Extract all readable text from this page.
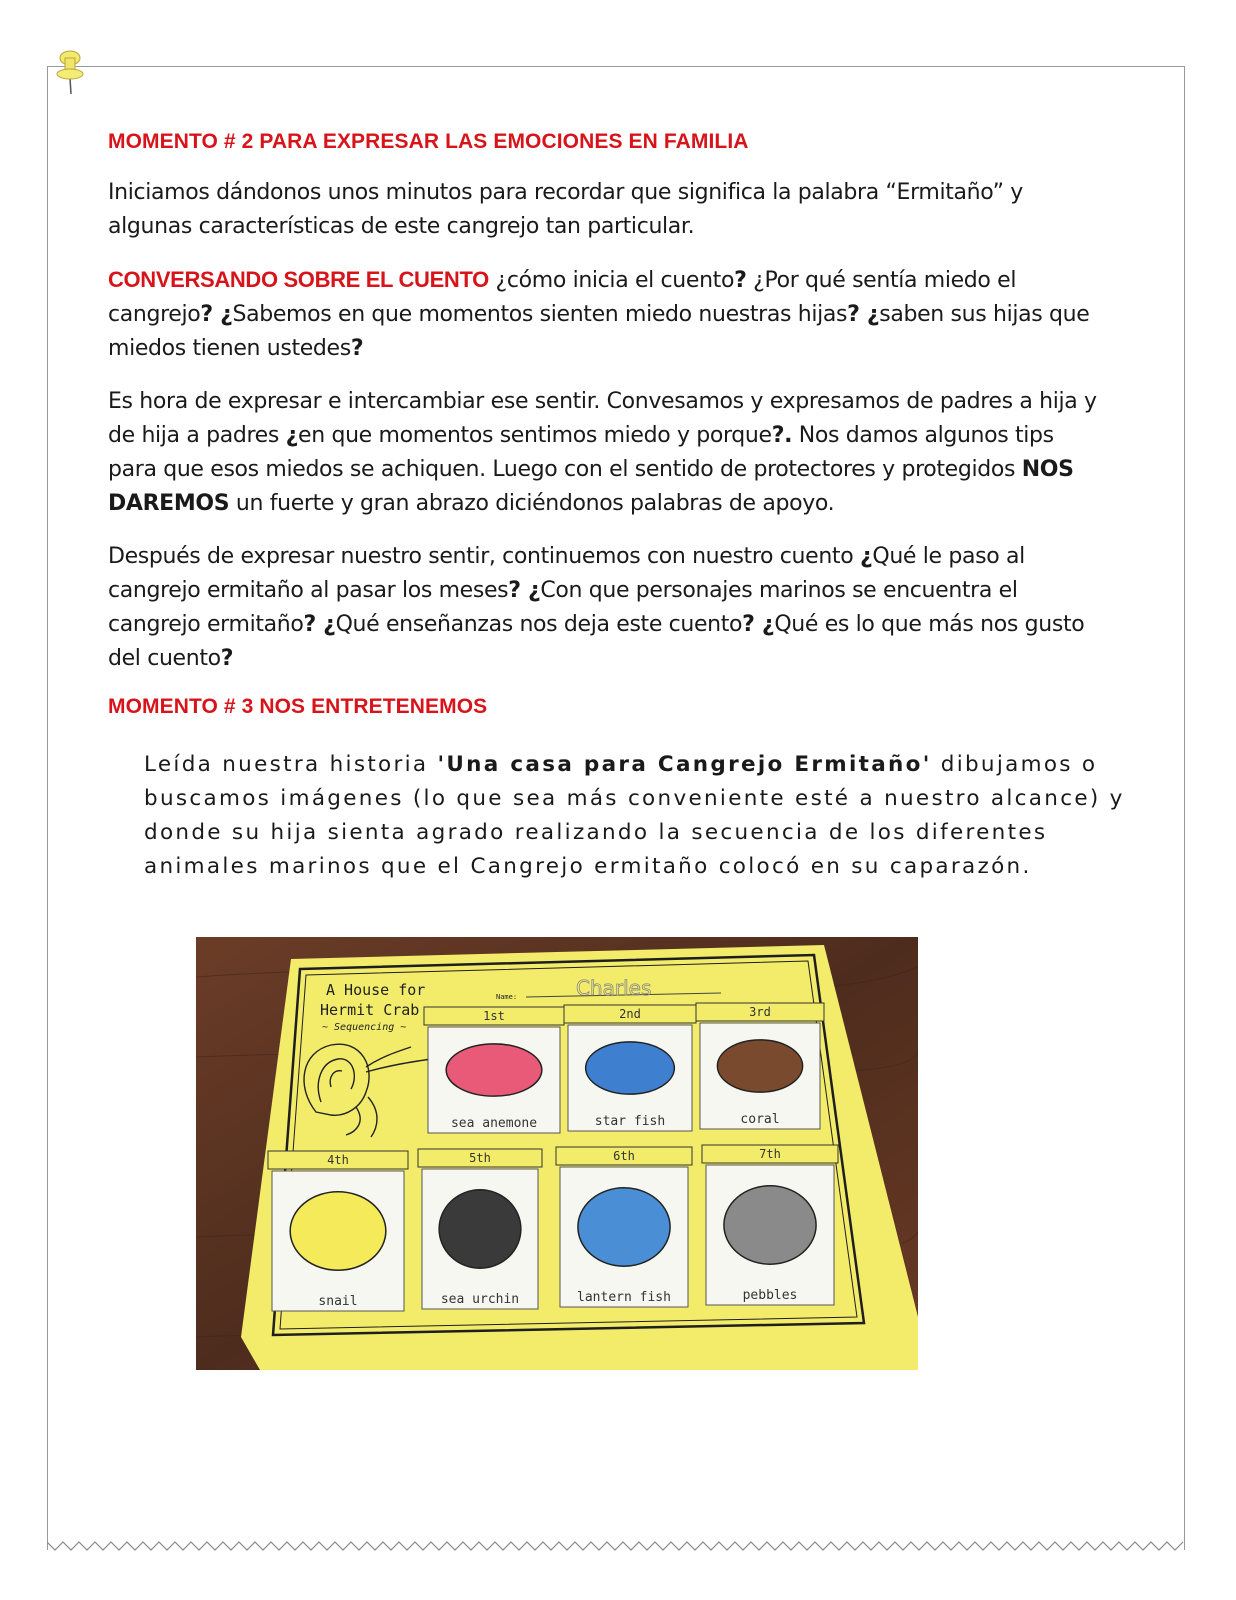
MOMENTO # 2 PARA EXPRESAR LAS EMOCIONES EN FAMILIA

Iniciamos dándonos unos minutos para recordar que significa la palabra “Ermitaño” y algunas características de este cangrejo tan particular.

CONVERSANDO SOBRE EL CUENTO ¿cómo inicia el cuento? ¿Por qué sentía miedo el cangrejo? ¿Sabemos en que momentos sienten miedo nuestras hijas? ¿saben sus hijas que miedos tienen ustedes?

Es hora de expresar e intercambiar ese sentir. Convesamos y expresamos de padres a hija y de hija a padres ¿en que momentos sentimos miedo y porque?. Nos damos algunos tips para que esos miedos se achiquen. Luego con el sentido de protectores y protegidos NOS DAREMOS un fuerte y gran abrazo diciéndonos palabras de apoyo.

Después de expresar nuestro sentir, continuemos con nuestro cuento ¿Qué le paso al cangrejo ermitaño al pasar los meses? ¿Con que personajes marinos se encuentra el cangrejo ermitaño? ¿Qué enseñanzas nos deja este cuento? ¿Qué es lo que más nos gusto del cuento?

MOMENTO # 3 NOS ENTRETENEMOS

Leída nuestra historia 'Una casa para Cangrejo Ermitaño' dibujamos o buscamos imágenes (lo que sea más conveniente esté a nuestro alcance) y donde su hija sienta agrado realizando la secuencia de los diferentes animales marinos que el Cangrejo ermitaño colocó en su caparazón.

A House for
Hermit Crab
~ Sequencing ~
Name:	Charles
1st
sea anemone
2nd
star fish
3rd
coral
4th
snail
5th
sea urchin
6th
lantern fish
7th
pebbles
